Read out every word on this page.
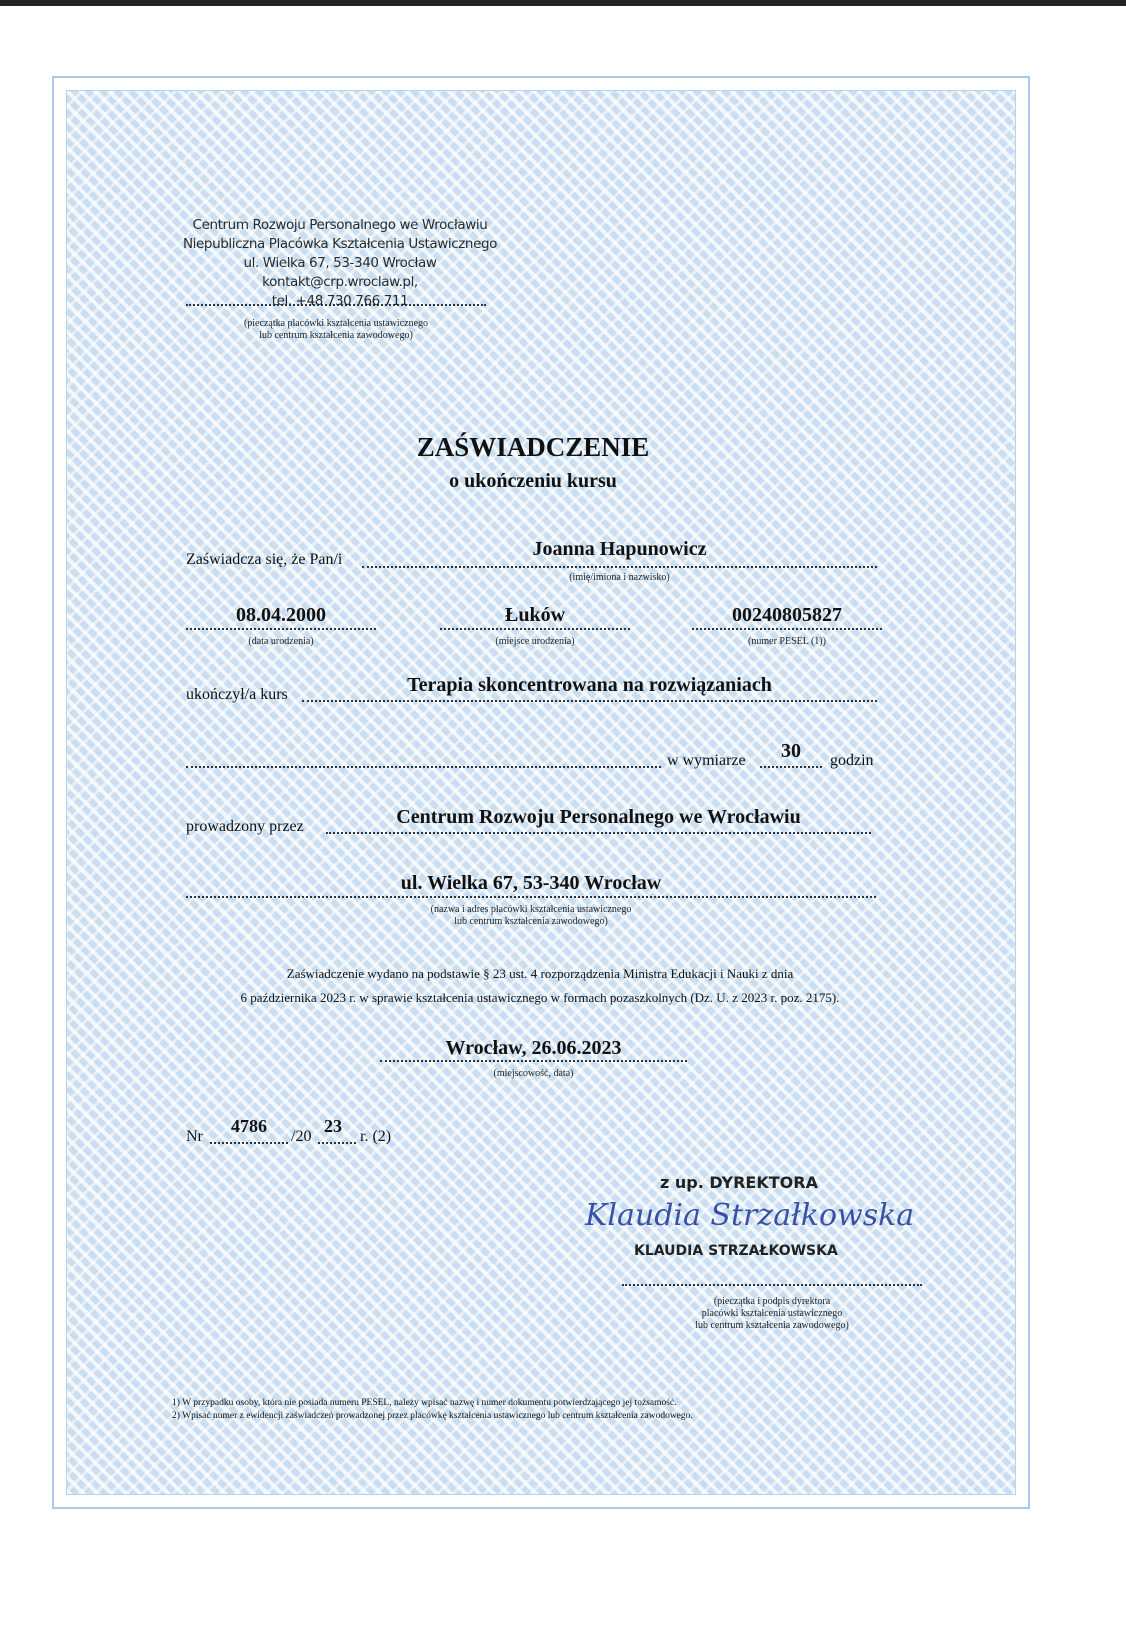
Centrum Rozwoju Personalnego we Wrocławiu
Niepubliczna Placówka Kształcenia Ustawicznego
ul. Wielka 67, 53-340 Wrocław
kontakt@crp.wroclaw.pl,
tel. +48 730 766 711
(pieczątka placówki kształcenia ustawicznego
lub centrum kształcenia zawodowego)
ZAŚWIADCZENIE
o ukończeniu kursu
Zaświadcza się, że Pan/i	Joanna Hapunowicz
(imię/imiona i nazwisko)
08.04.2000
(data urodzenia)
Łuków
(miejsce urodzenia)
00240805827
(numer PESEL (1))
ukończył/a kurs	Terapia skoncentrowana na rozwiązaniach
w wymiarze	30	godzin
prowadzony przez	Centrum Rozwoju Personalnego we Wrocławiu
ul. Wielka 67, 53-340 Wrocław
(nazwa i adres placówki kształcenia ustawicznego
lub centrum kształcenia zawodowego)
Zaświadczenie wydano na podstawie § 23 ust. 4 rozporządzenia Ministra Edukacji i Nauki z dnia
6 października 2023 r. w sprawie kształcenia ustawicznego w formach pozaszkolnych (Dz. U. z 2023 r. poz. 2175).
Wrocław, 26.06.2023
(miejscowość, data)
Nr
4786
/20
23
r. (2)
z up. DYREKTORA
Klaudia Strzałkowska
KLAUDIA STRZAŁKOWSKA
(pieczątka i podpis dyrektora
placówki kształcenia ustawicznego
lub centrum kształcenia zawodowego)
1) W przypadku osoby, która nie posiada numeru PESEL, należy wpisać nazwę i numer dokumentu potwierdzającego jej tożsamość.
2) Wpisać numer z ewidencji zaświadczeń prowadzonej przez placówkę kształcenia ustawicznego lub centrum kształcenia zawodowego.
